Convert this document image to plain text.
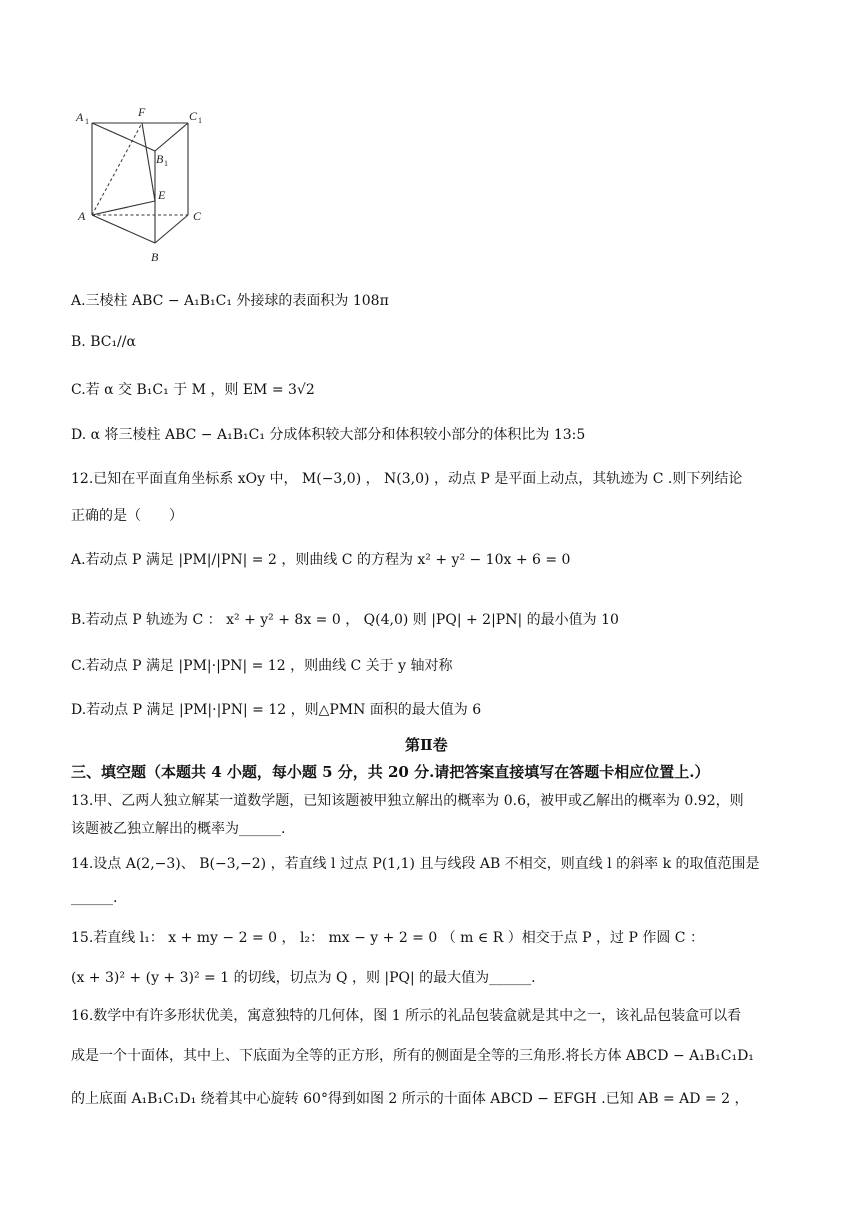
A 1
F	C 1
B 1
E
A	C
B
A.三棱柱 ABC − A₁B₁C₁ 外接球的表面积为 108π
B. BC₁//α
C.若 α 交 B₁C₁ 于 M ，则 EM = 3√2
D. α 将三棱柱 ABC − A₁B₁C₁ 分成体积较大部分和体积较小部分的体积比为 13:5
12.已知在平面直角坐标系 xOy 中， M(−3,0) ， N(3,0) ，动点 P 是平面上动点，其轨迹为 C .则下列结论
正确的是（　　）
A.若动点 P 满足 |PM|/|PN| = 2 ，则曲线 C 的方程为 x² + y² − 10x + 6 = 0
B.若动点 P 轨迹为 C ： x² + y² + 8x = 0 ， Q(4,0) 则 |PQ| + 2|PN| 的最小值为 10
C.若动点 P 满足 |PM|·|PN| = 12 ，则曲线 C 关于 y 轴对称
D.若动点 P 满足 |PM|·|PN| = 12 ，则△PMN 面积的最大值为 6
第Ⅱ卷
三、填空题（本题共 4 小题，每小题 5 分，共 20 分.请把答案直接填写在答题卡相应位置上.）
13.甲、乙两人独立解某一道数学题，已知该题被甲独立解出的概率为 0.6，被甲或乙解出的概率为 0.92，则
该题被乙独立解出的概率为______.
14.设点 A(2,−3)、 B(−3,−2) ，若直线 l 过点 P(1,1) 且与线段 AB 不相交，则直线 l 的斜率 k 的取值范围是
______.
15.若直线 l₁： x + my − 2 = 0 ， l₂： mx − y + 2 = 0 （ m ∈ R ）相交于点 P ，过 P 作圆 C ：
(x + 3)² + (y + 3)² = 1 的切线，切点为 Q ，则 |PQ| 的最大值为______.
16.数学中有许多形状优美，寓意独特的几何体，图 1 所示的礼品包装盒就是其中之一，该礼品包装盒可以看
成是一个十面体，其中上、下底面为全等的正方形，所有的侧面是全等的三角形.将长方体 ABCD − A₁B₁C₁D₁
的上底面 A₁B₁C₁D₁ 绕着其中心旋转 60°得到如图 2 所示的十面体 ABCD − EFGH .已知 AB = AD = 2 ，
